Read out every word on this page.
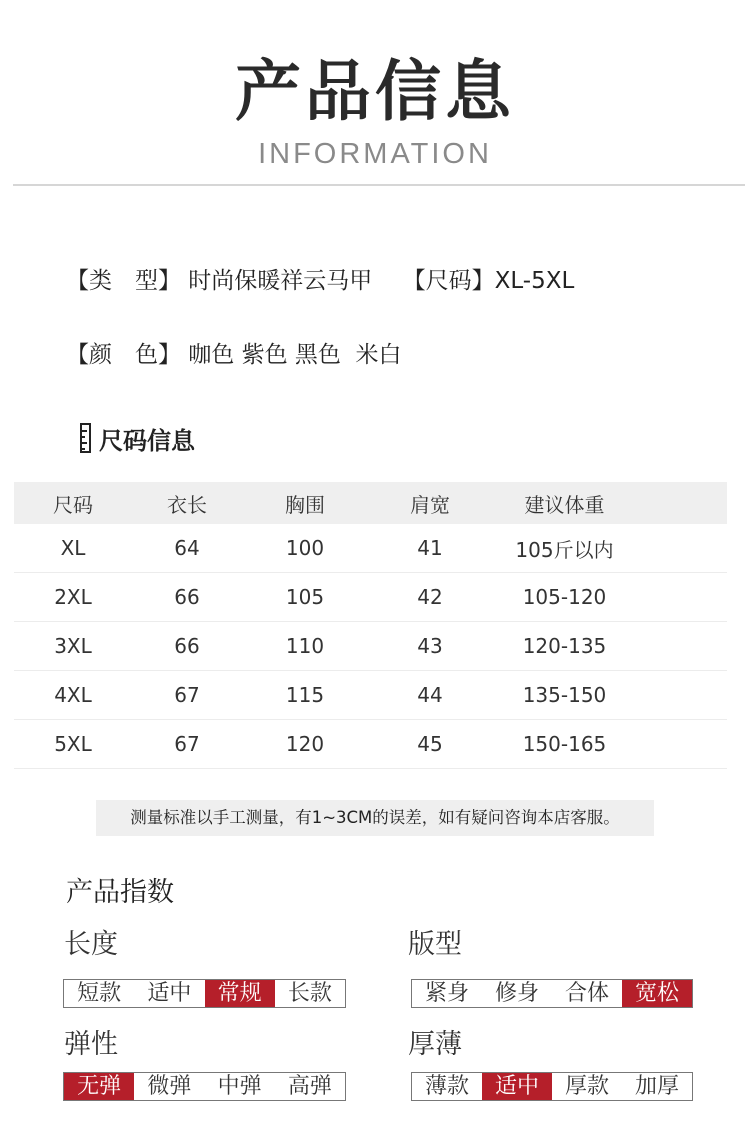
产品信息
INFORMATION
【类　型】 时尚保暖祥云马甲　 【尺码】XL-5XL
【颜　色】 咖色 紫色 黑色  米白
尺码信息
尺码	衣长	胸围	肩宽	建议体重	
XL	64	100	41	105斤以内	
2XL	66	105	42	105-120	
3XL	66	110	43	120-135	
4XL	67	115	44	135-150	
5XL	67	120	45	150-165	
测量标准以手工测量，有1~3CM的误差，如有疑问咨询本店客服。
产品指数
长度
短款	适中	常规	长款
版型
紧身	修身	合体	宽松
弹性
无弹	微弹	中弹	高弹
厚薄
薄款	适中	厚款	加厚
